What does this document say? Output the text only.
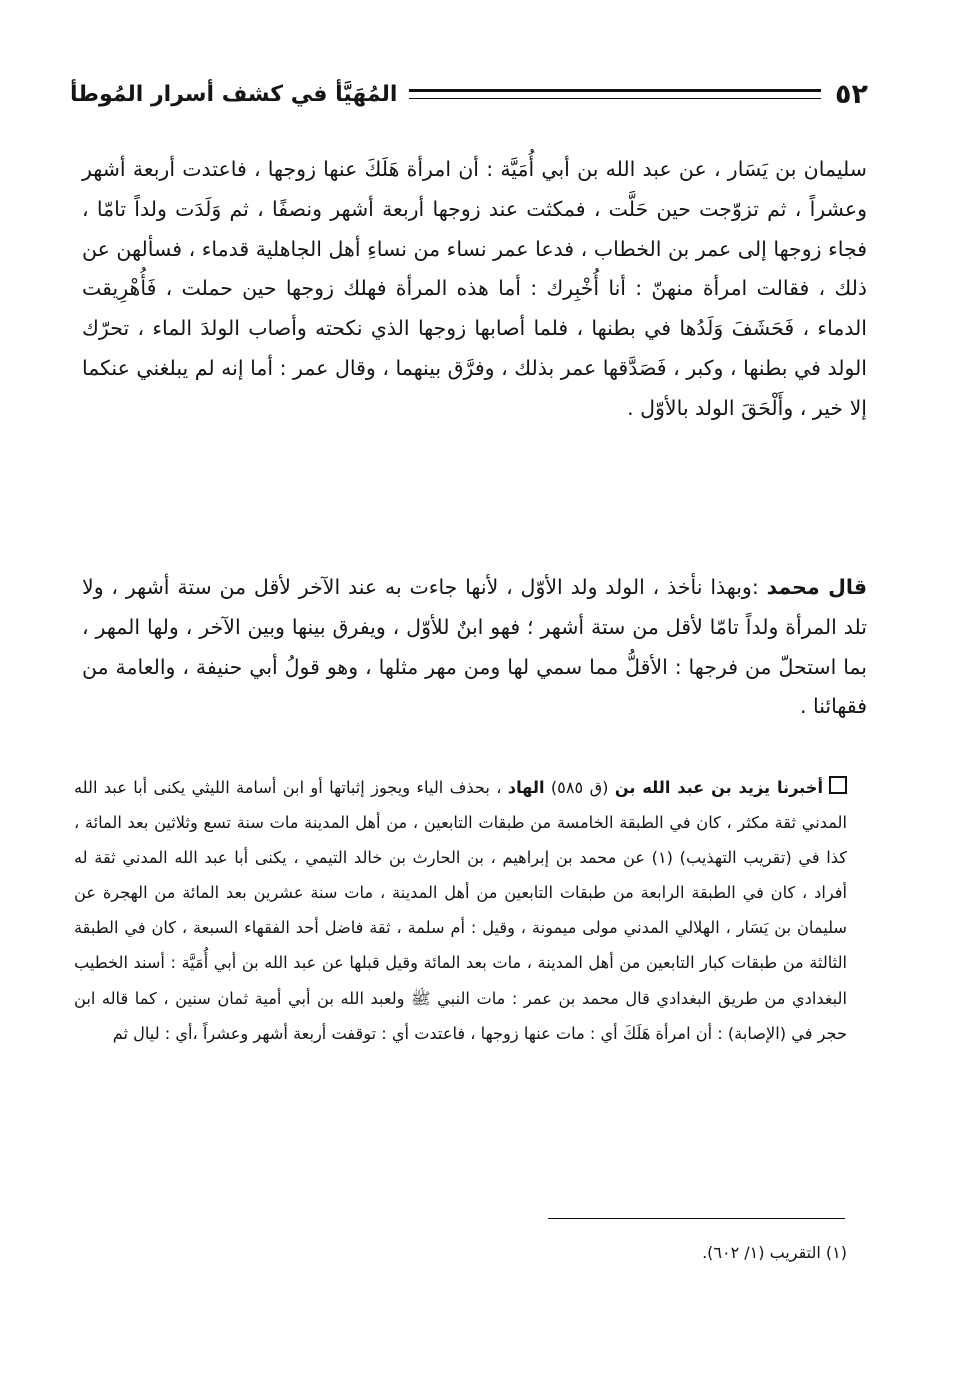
٥٢
المُهَيَّأ في كشف أسرار المُوطأ

سليمان بن يَسَار ، عن عبد الله بن أبي أُمَيَّة : أن امرأة هَلَكَ عنها زوجها ، فاعتدت أربعة أشهر وعشراً ، ثم تزوّجت حين حَلَّت ، فمكثت عند زوجها أربعة أشهر ونصفًا ، ثم وَلَدَت ولداً تامّا ، فجاء زوجها إلى عمر بن الخطاب ، فدعا عمر نساء من نساءِ أهل الجاهلية قدماء ، فسألهن عن ذلك ، فقالت امرأة منهنّ : أنا أُخْبِرك : أما هذه المرأة فهلك زوجها حين حملت ، فَأُهْرِيقت الدماء ، فَحَشَفَ وَلَدُها في بطنها ، فلما أصابها زوجها الذي نكحته وأصاب الولدَ الماء ، تحرّك الولد في بطنها ، وكبر ، فَصَدَّقها عمر بذلك ، وفرَّق بينهما ، وقال عمر : أما إنه لم يبلغني عنكما إلا خير ، وأَلْحَقَ الولد بالأوّل .

قال محمد :وبهذا نأخذ ، الولد ولد الأوّل ، لأنها جاءت به عند الآخر لأقل من ستة أشهر ، ولا تلد المرأة ولداً تامّا لأقل من ستة أشهر ؛ فهو ابنٌ للأوّل ، ويفرق بينها وبين الآخر ، ولها المهر ، بما استحلّ من فرجها : الأقلُّ مما سمي لها ومن مهر مثلها ، وهو قولُ أبي حنيفة ، والعامة من فقهائنا .

أخبرنا يزيد بن عبد الله بن (ق ٥٨٥) الهاد ، بحذف الياء ويجوز إثباتها أو ابن أسامة الليثي يكنى أبا عبد الله المدني ثقة مكثر ، كان في الطبقة الخامسة من طبقات التابعين ، من أهل المدينة مات سنة تسع وثلاثين بعد المائة ، كذا في (تقريب التهذيب) (١) عن محمد بن إبراهيم ، بن الحارث بن خالد التيمي ، يكنى أبا عبد الله المدني ثقة له أفراد ، كان في الطبقة الرابعة من طبقات التابعين من أهل المدينة ، مات سنة عشرين بعد المائة من الهجرة عن سليمان بن يَسَار ، الهلالي المدني مولى ميمونة ، وقيل : أم سلمة ، ثقة فاضل أحد الفقهاء السبعة ، كان في الطبقة الثالثة من طبقات كبار التابعين من أهل المدينة ، مات بعد المائة وقيل قبلها عن عبد الله بن أبي أُمَيَّة : أسند الخطيب البغدادي من طريق البغدادي قال محمد بن عمر : مات النبي ﷺ ولعبد الله بن أبي أمية ثمان سنين ، كما قاله ابن حجر في (الإصابة) : أن امرأة هَلَكَ أي : مات عنها زوجها ، فاعتدت أي : توقفت أربعة أشهر وعشراً ،أي : ليال ثم

(١) التقريب (١/ ٦٠٢).
